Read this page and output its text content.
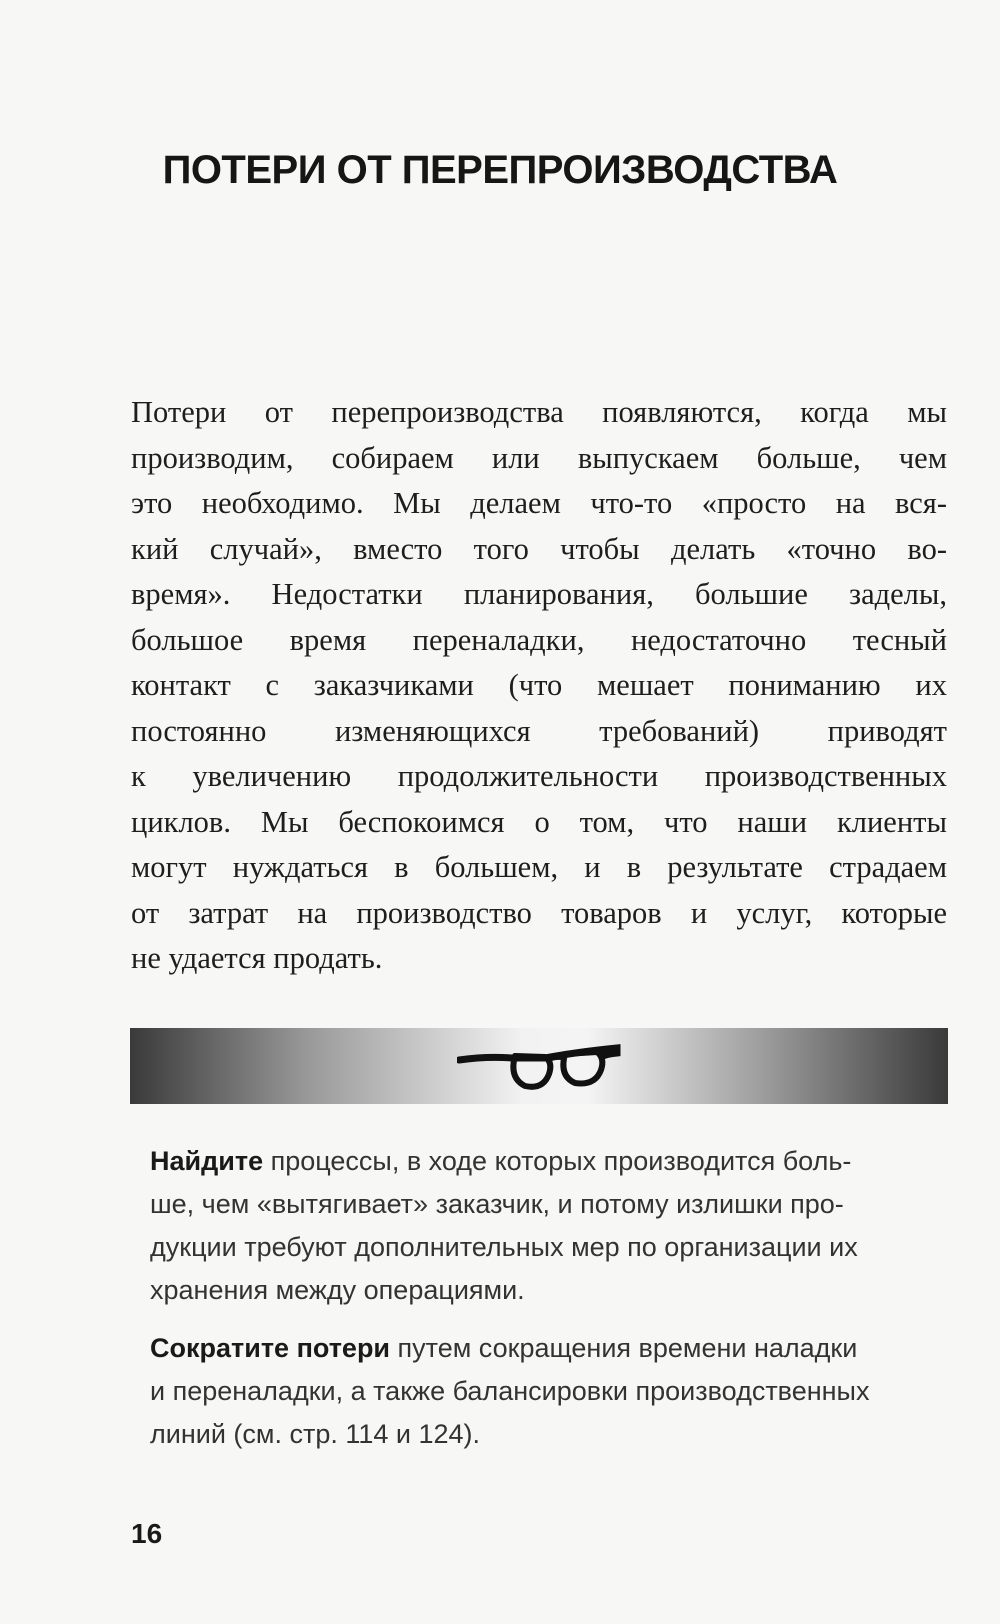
ПОТЕРИ ОТ ПЕРЕПРОИЗВОДСТВА
Потери от перепроизводства появляются, когда мы
производим, собираем или выпускаем больше, чем
это необходимо. Мы делаем что-то «просто на вся-
кий случай», вместо того чтобы делать «точно во-
время». Недостатки планирования, большие заделы,
большое время переналадки, недостаточно тесный
контакт с заказчиками (что мешает пониманию их
постоянно изменяющихся требований) приводят
к увеличению продолжительности производственных
циклов. Мы беспокоимся о том, что наши клиенты
могут нуждаться в большем, и в результате страдаем
от затрат на производство товаров и услуг, которые
не удается продать.
Найдите процессы, в ходе которых производится боль-
ше, чем «вытягивает» заказчик, и потому излишки про-
дукции требуют дополнительных мер по организации их
хранения между операциями.
Сократите потери путем сокращения времени наладки
и переналадки, а также балансировки производственных
линий (см. стр. 114 и 124).
16
